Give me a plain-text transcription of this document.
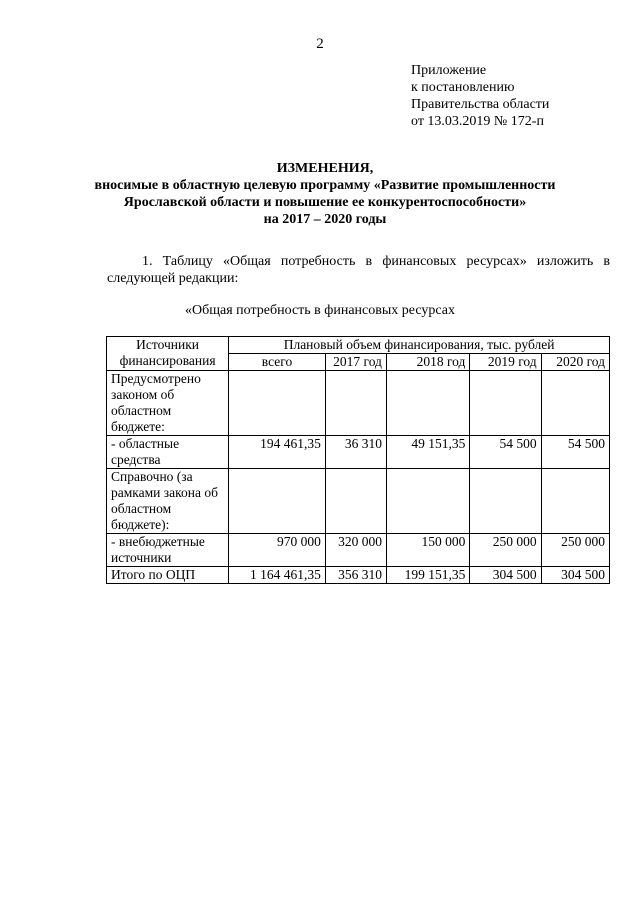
2
Приложение
к постановлению
Правительства области
от 13.03.2019 № 172-п
ИЗМЕНЕНИЯ,
вносимые в областную целевую программу «Развитие промышленности
Ярославской области и повышение ее конкурентоспособности»
на 2017 – 2020 годы
1. Таблицу «Общая потребность в финансовых ресурсах» изложить в следующей редакции:
«Общая потребность в финансовых ресурсах
Источники финансирования	Плановый объем финансирования, тыс. рублей				
	всего	2017 год	2018 год	2019 год	2020 год
Предусмотрено законом об областном бюджете:					
- областные средства	194 461,35	36 310	49 151,35	54 500	54 500
Справочно (за рамками закона об областном бюджете):					
- внебюджетные источники	970 000	320 000	150 000	250 000	250 000
Итого по ОЦП	1 164 461,35	356 310	199 151,35	304 500	304 500
